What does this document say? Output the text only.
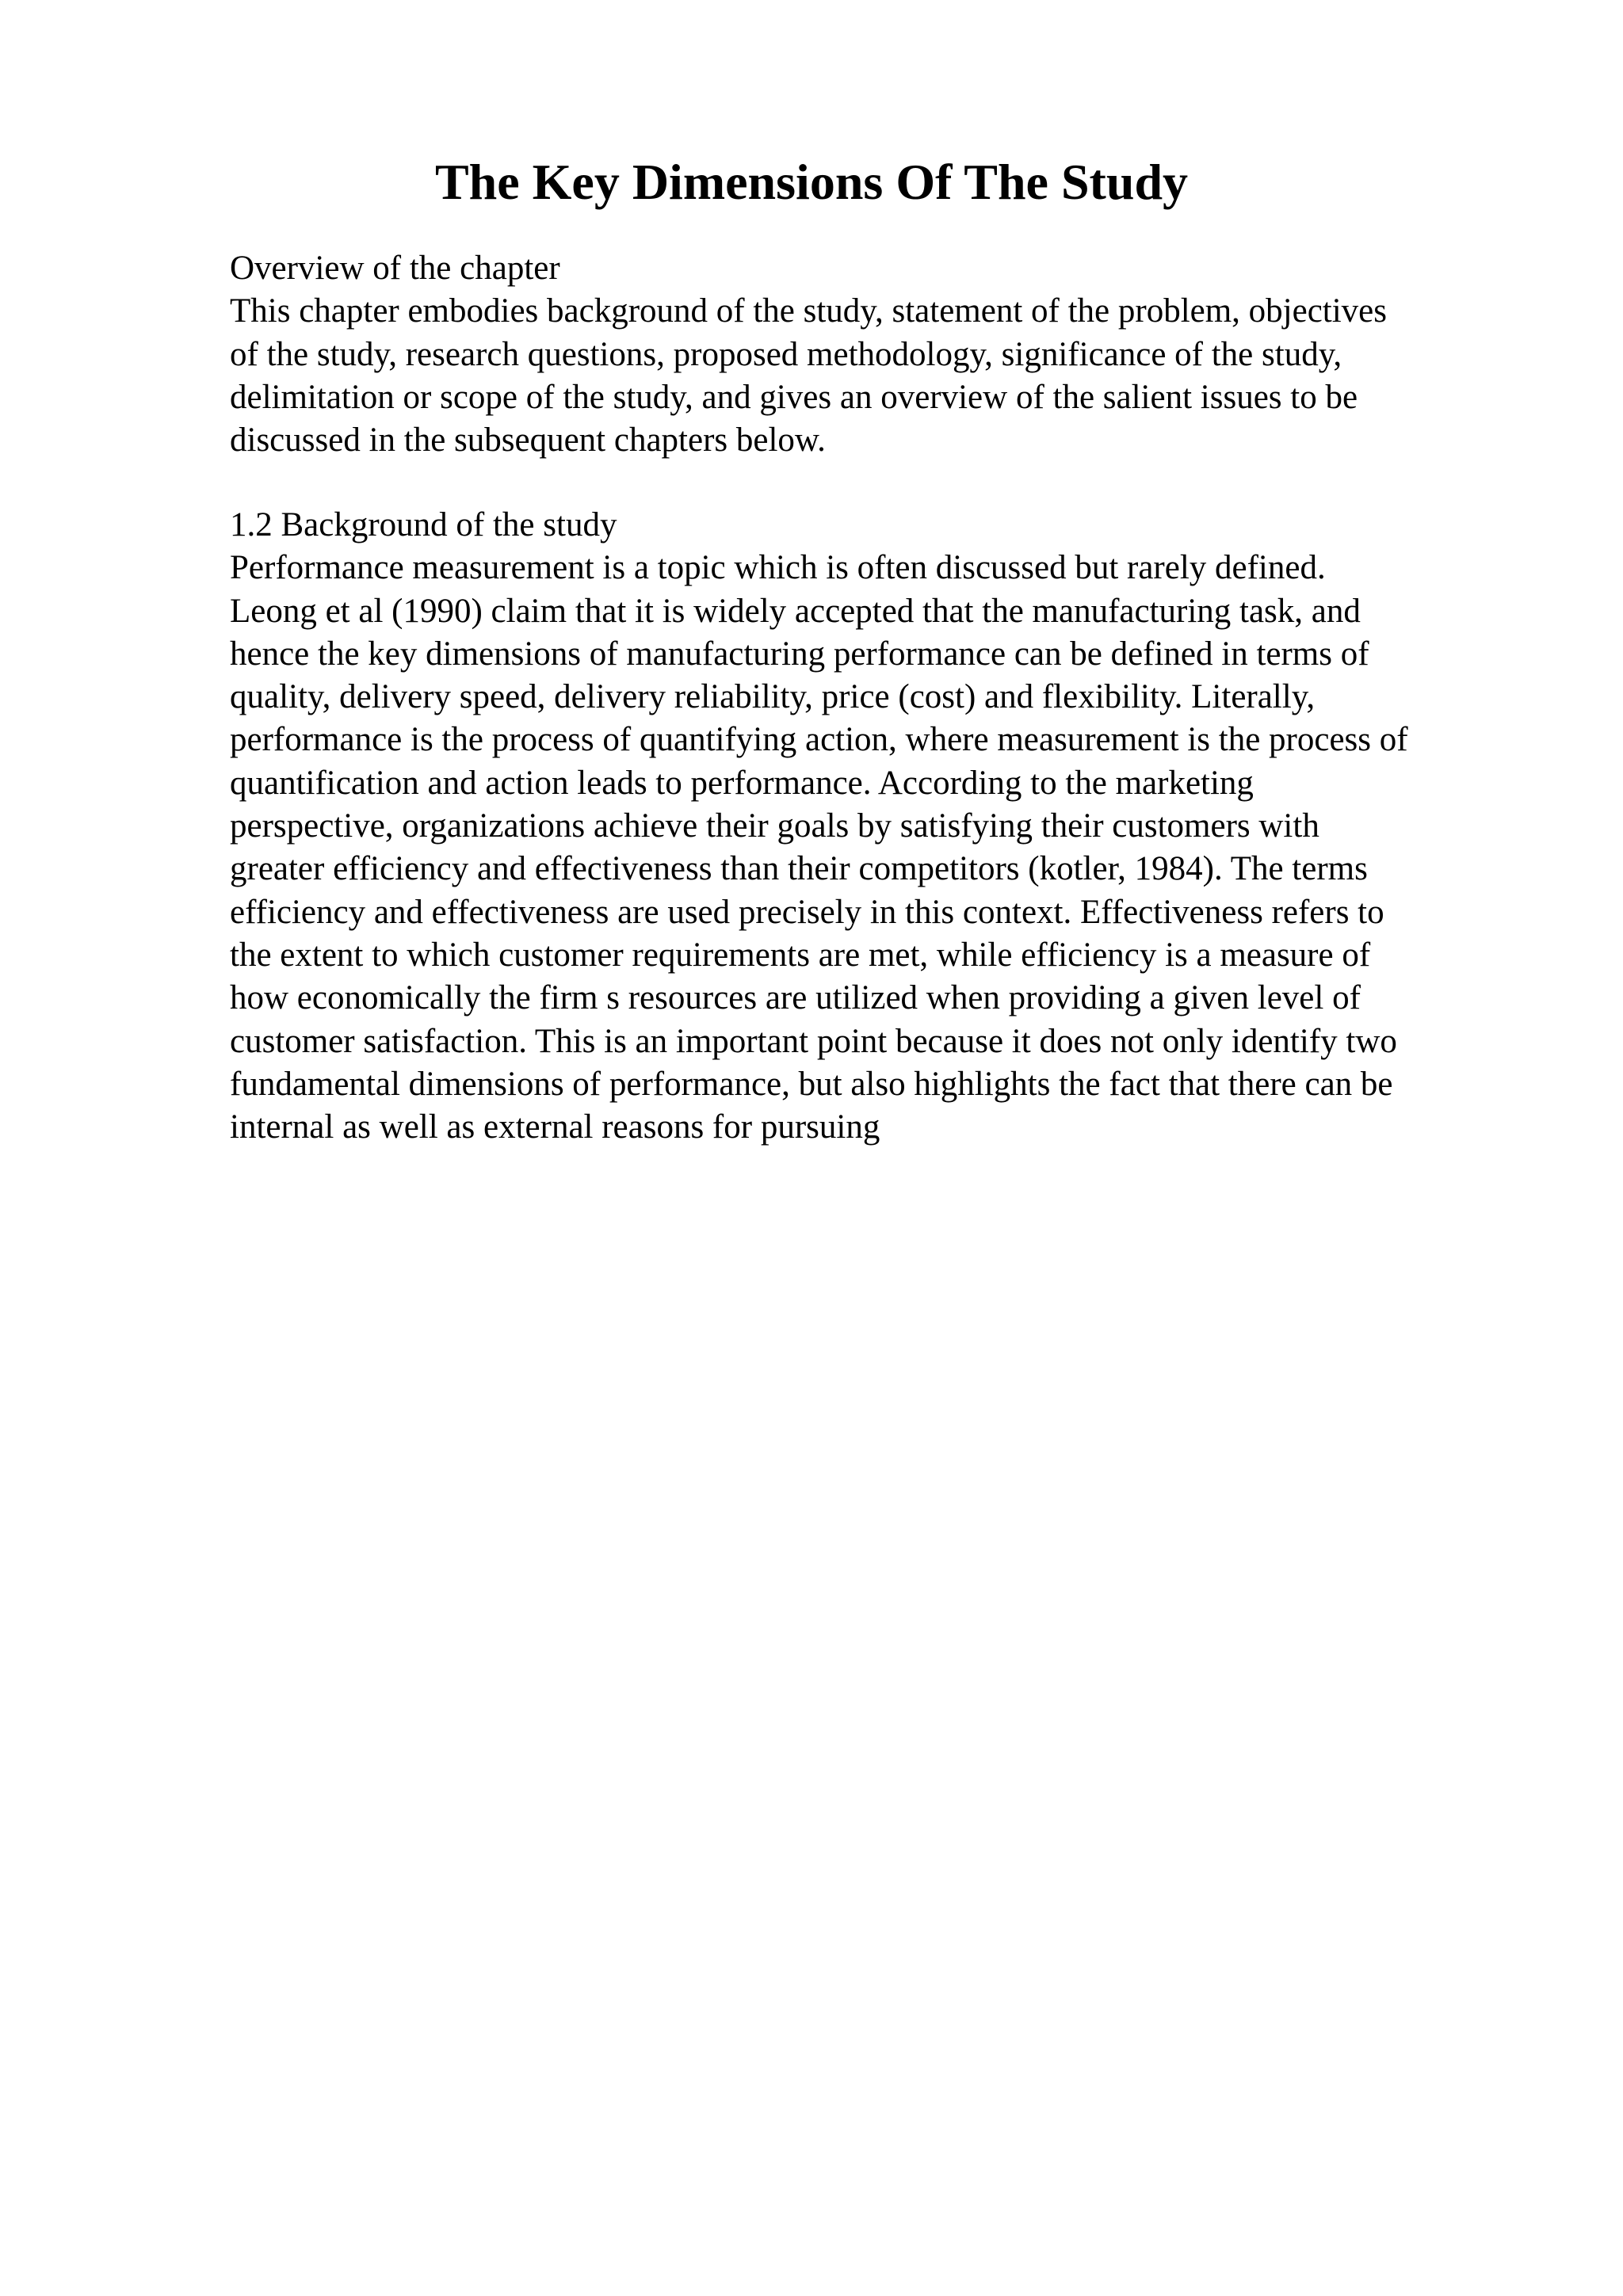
The Key Dimensions Of The Study
Overview of the chapter
This chapter embodies background of the study, statement of the problem, objectives
of the study, research questions, proposed methodology, significance of the study,
delimitation or scope of the study, and gives an overview of the salient issues to be
discussed in the subsequent chapters below.
1.2 Background of the study
Performance measurement is a topic which is often discussed but rarely defined.
Leong et al (1990) claim that it is widely accepted that the manufacturing task, and
hence the key dimensions of manufacturing performance can be defined in terms of
quality, delivery speed, delivery reliability, price (cost) and flexibility. Literally,
performance is the process of quantifying action, where measurement is the process of
quantification and action leads to performance. According to the marketing
perspective, organizations achieve their goals by satisfying their customers with
greater efficiency and effectiveness than their competitors (kotler, 1984). The terms
efficiency and effectiveness are used precisely in this context. Effectiveness refers to
the extent to which customer requirements are met, while efficiency is a measure of
how economically the firm s resources are utilized when providing a given level of
customer satisfaction. This is an important point because it does not only identify two
fundamental dimensions of performance, but also highlights the fact that there can be
internal as well as external reasons for pursuing
